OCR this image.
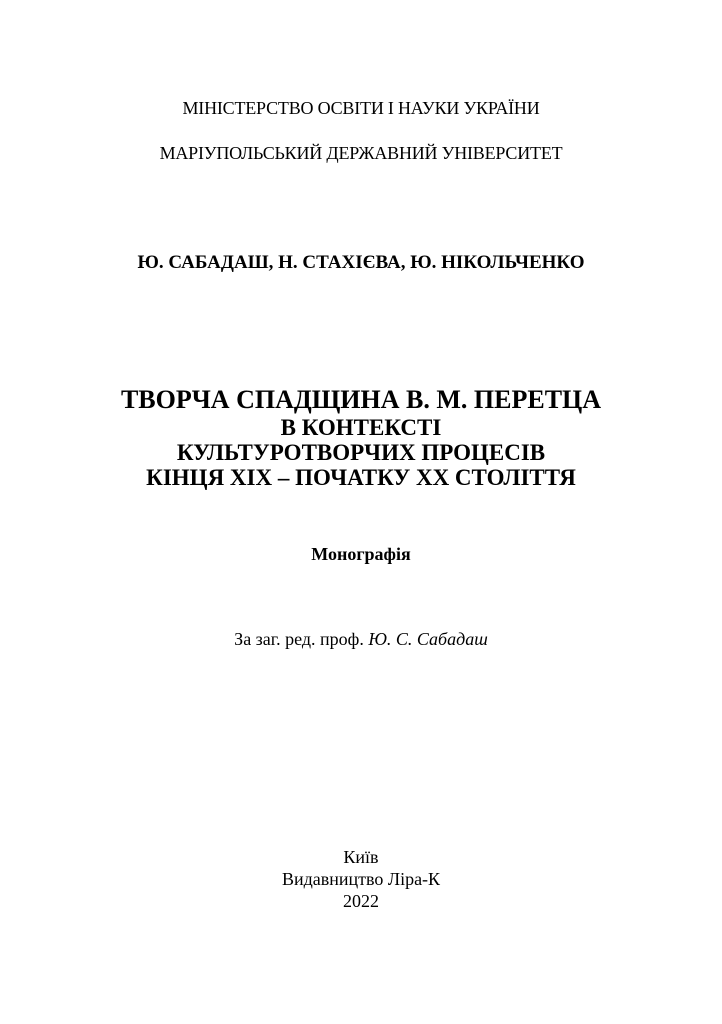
МІНІСТЕРСТВО ОСВІТИ І НАУКИ УКРАЇНИ
МАРІУПОЛЬСЬКИЙ ДЕРЖАВНИЙ УНІВЕРСИТЕТ
Ю. САБАДАШ, Н. СТАХІЄВА, Ю. НІКОЛЬЧЕНКО
ТВОРЧА СПАДЩИНА В. М. ПЕРЕТЦА
В КОНТЕКСТІ
КУЛЬТУРОТВОРЧИХ ПРОЦЕСІВ
КІНЦЯ XIX – ПОЧАТКУ XX СТОЛІТТЯ
Монографія
За заг. ред. проф. Ю. С. Сабадаш
Київ
Видавництво Ліра-К
2022
